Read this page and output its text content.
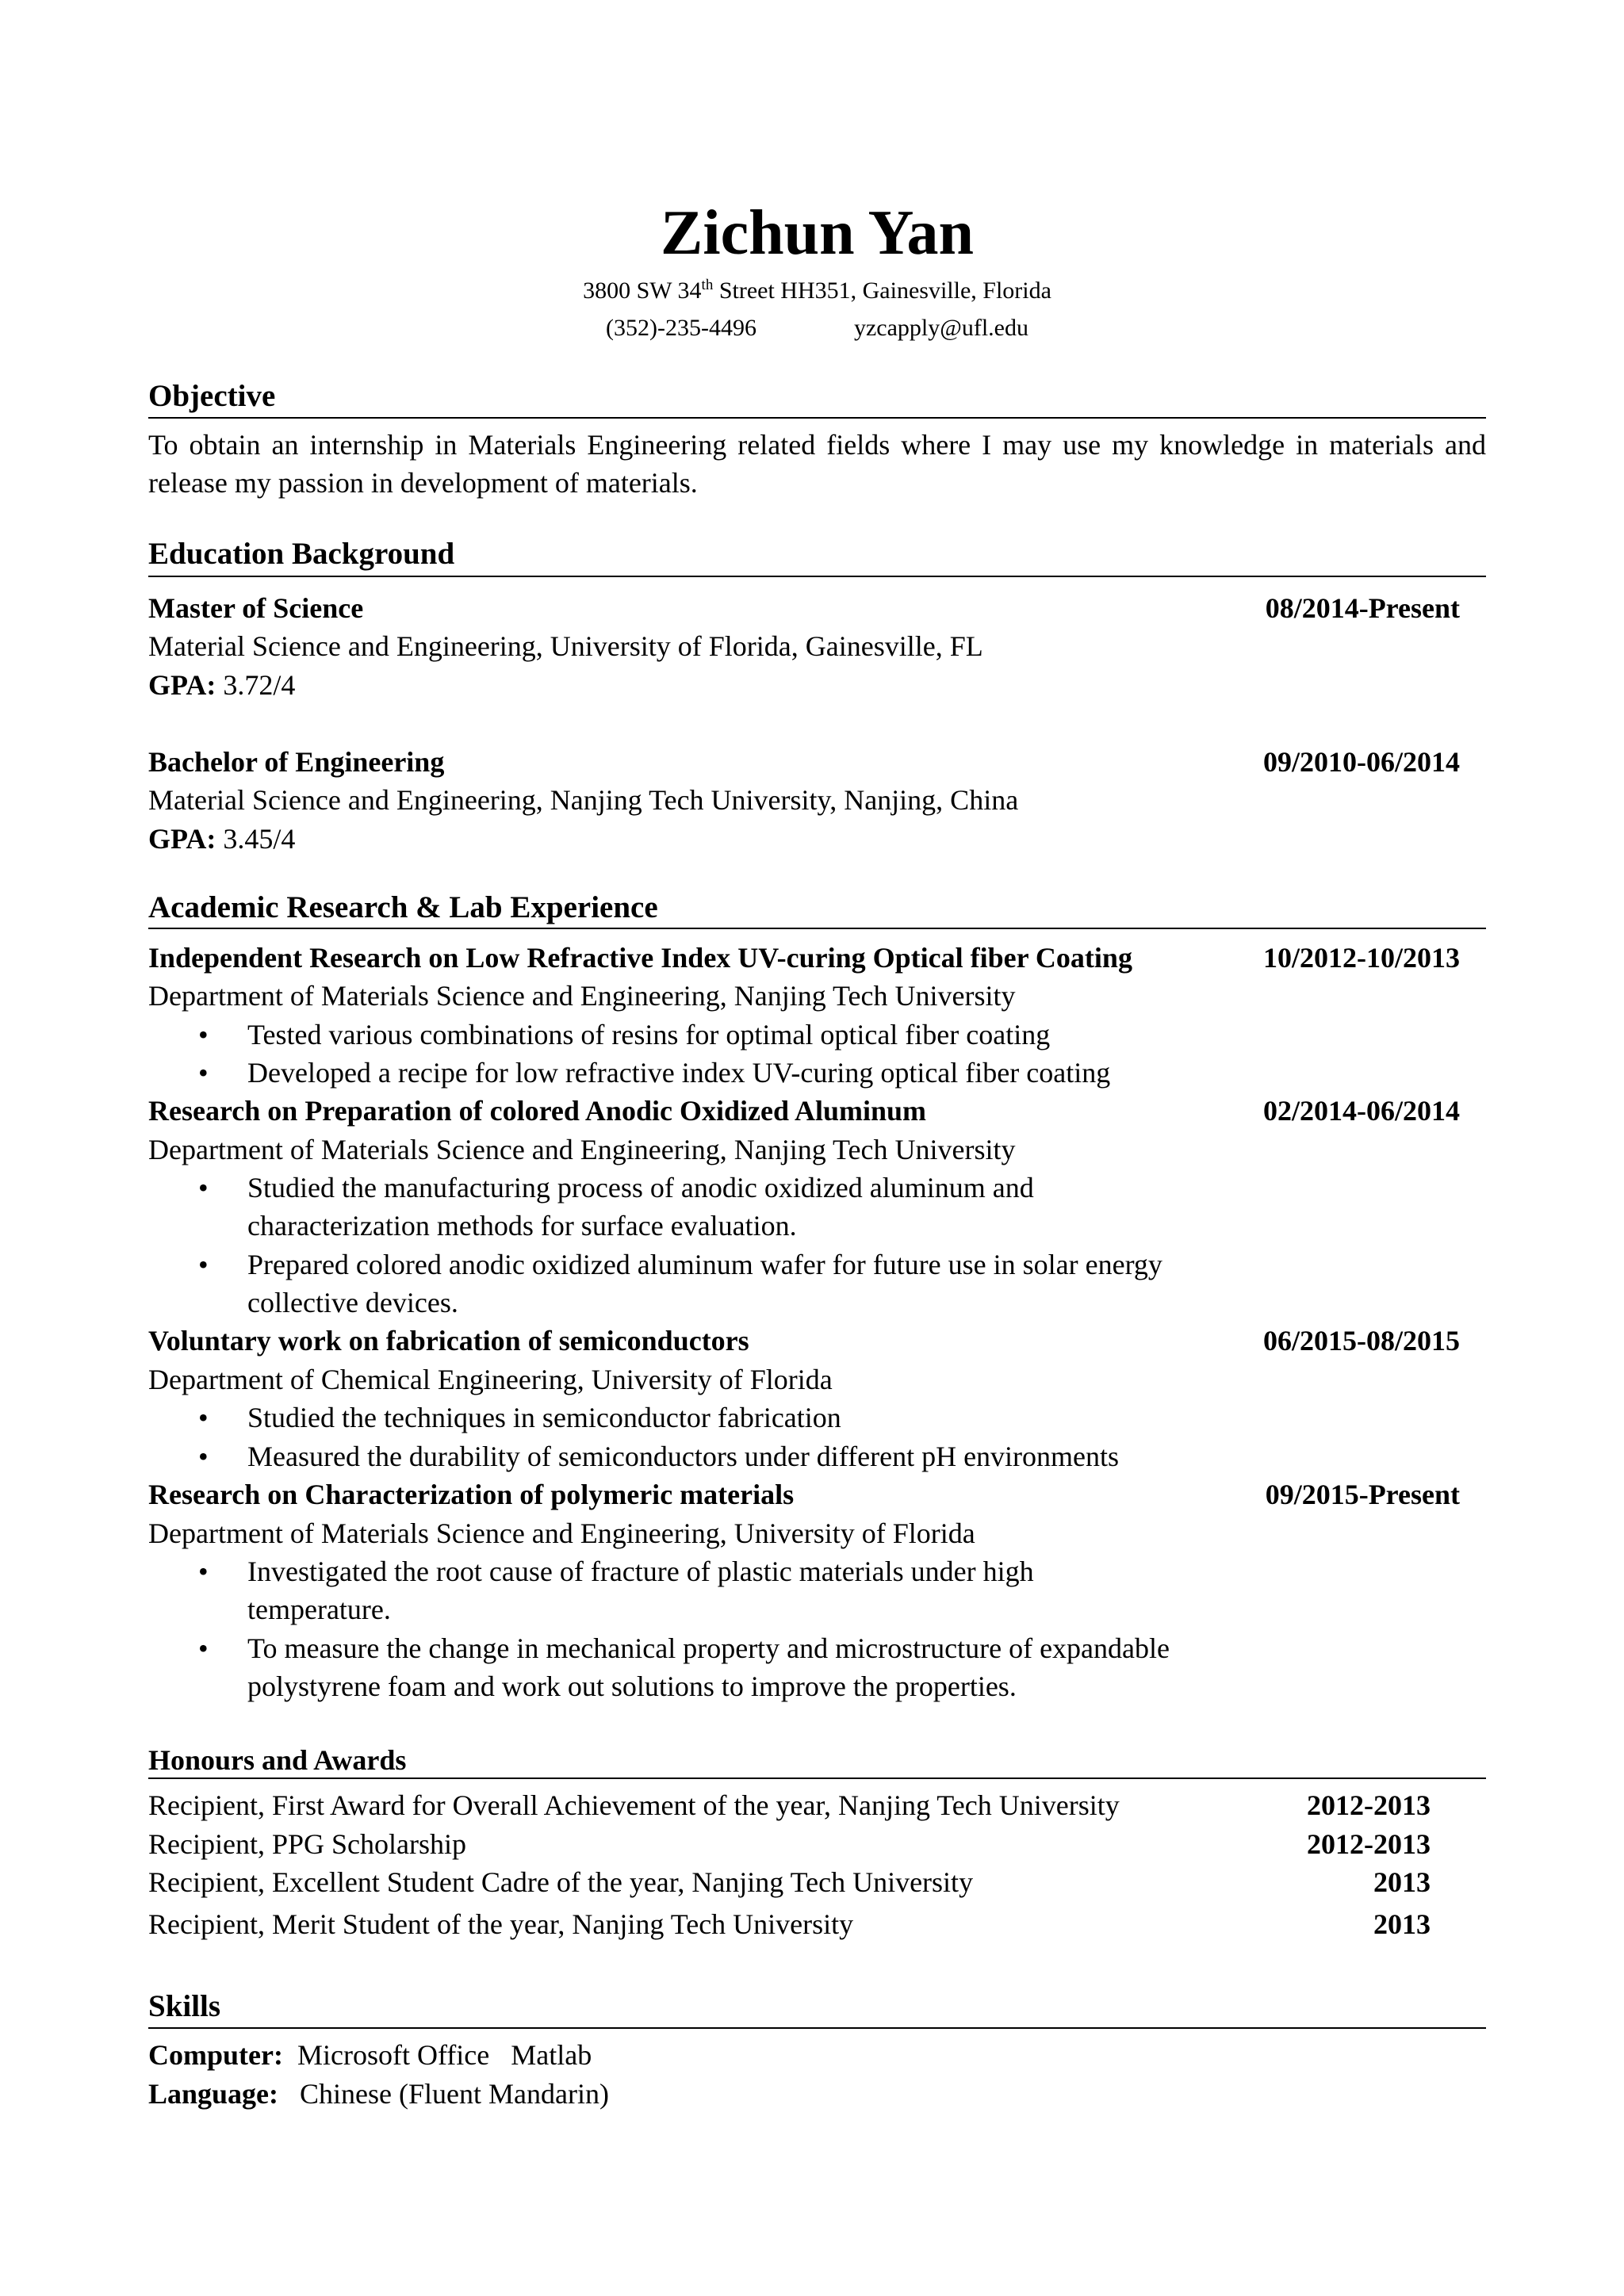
Zichun Yan
3800 SW 34th Street HH351, Gainesville, Florida
(352)-235-4496	yzcapply@ufl.edu
Objective
To obtain an internship in Materials Engineering related fields where I may use my knowledge in materials and release my passion in development of materials.
Education Background
Master of Science	08/2014-Present
Material Science and Engineering, University of Florida, Gainesville, FL
GPA: 3.72/4
Bachelor of Engineering	09/2010-06/2014
Material Science and Engineering, Nanjing Tech University, Nanjing, China
GPA: 3.45/4
Academic Research & Lab Experience
Independent Research on Low Refractive Index UV-curing Optical fiber Coating	10/2012-10/2013
Department of Materials Science and Engineering, Nanjing Tech University
•	Tested various combinations of resins for optimal optical fiber coating
•	Developed a recipe for low refractive index UV-curing optical fiber coating
Research on Preparation of colored Anodic Oxidized Aluminum	02/2014-06/2014
Department of Materials Science and Engineering, Nanjing Tech University
•	Studied the manufacturing process of anodic oxidized aluminum and characterization methods for surface evaluation.
•	Prepared colored anodic oxidized aluminum wafer for future use in solar energy collective devices.
Voluntary work on fabrication of semiconductors	06/2015-08/2015
Department of Chemical Engineering, University of Florida
•	Studied the techniques in semiconductor fabrication
•	Measured the durability of semiconductors under different pH environments
Research on Characterization of polymeric materials	09/2015-Present
Department of Materials Science and Engineering, University of Florida
•	Investigated the root cause of fracture of plastic materials under high temperature.
•	To measure the change in mechanical property and microstructure of expandable polystyrene foam and work out solutions to improve the properties.
Honours and Awards
Recipient, First Award for Overall Achievement of the year, Nanjing Tech University	2012-2013
Recipient, PPG Scholarship	2012-2013
Recipient, Excellent Student Cadre of the year, Nanjing Tech University	2013
Recipient, Merit Student of the year, Nanjing Tech University	2013
Skills
Computer: Microsoft Office   Matlab
Language: Chinese (Fluent Mandarin)
